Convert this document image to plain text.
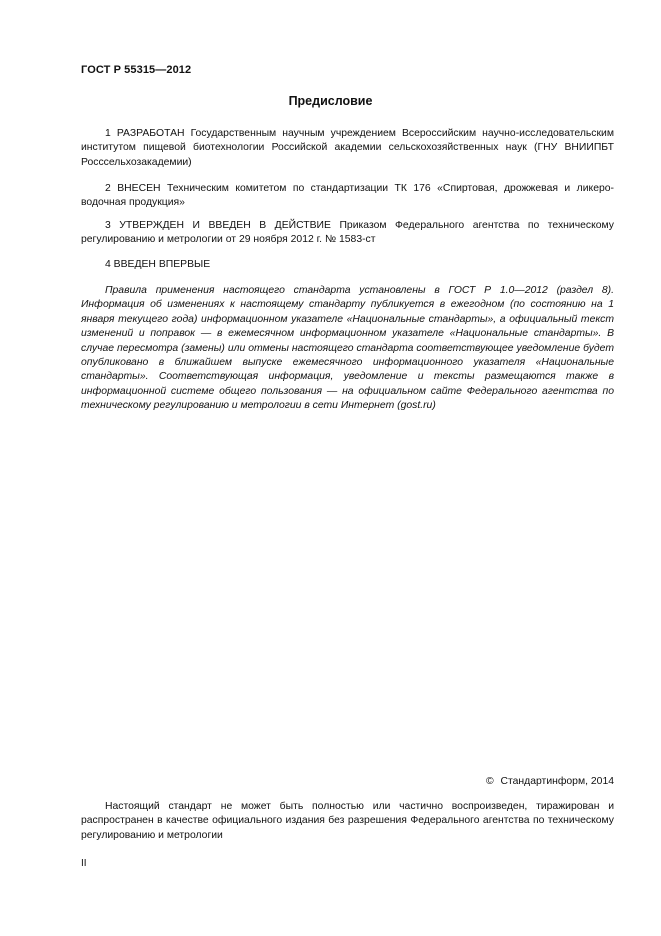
ГОСТ Р 55315—2012
Предисловие

1 РАЗРАБОТАН Государственным научным учреждением Всероссийским научно-исследовательским институтом пищевой биотехнологии Российской академии сельскохозяйственных наук (ГНУ ВНИИПБТ Росссельхозакадемии)

2 ВНЕСЕН Техническим комитетом по стандартизации ТК 176 «Спиртовая, дрожжевая и ликеро-водочная продукция»

3 УТВЕРЖДЕН И ВВЕДЕН В ДЕЙСТВИЕ Приказом Федерального агентства по техническому регулированию и метрологии от 29 ноября 2012 г. № 1583-ст

4 ВВЕДЕН ВПЕРВЫЕ

Правила применения настоящего стандарта установлены в ГОСТ Р 1.0—2012 (раздел 8). Информация об изменениях к настоящему стандарту публикуется в ежегодном (по состоянию на 1 января текущего года) информационном указателе «Национальные стандарты», а официальный текст изменений и поправок — в ежемесячном информационном указателе «Национальные стандарты». В случае пересмотра (замены) или отмены настоящего стандарта соответствующее уведомление будет опубликовано в ближайшем выпуске ежемесячного информационного указателя «Национальные стандарты». Соответствующая информация, уведомление и тексты размещаются также в информационной системе общего пользования — на официальном сайте Федерального агентства по техническому регулированию и метрологии в сети Интернет (gost.ru)

© Стандартинформ, 2014

Настоящий стандарт не может быть полностью или частично воспроизведен, тиражирован и распространен в качестве официального издания без разрешения Федерального агентства по техническому регулированию и метрологии

II
